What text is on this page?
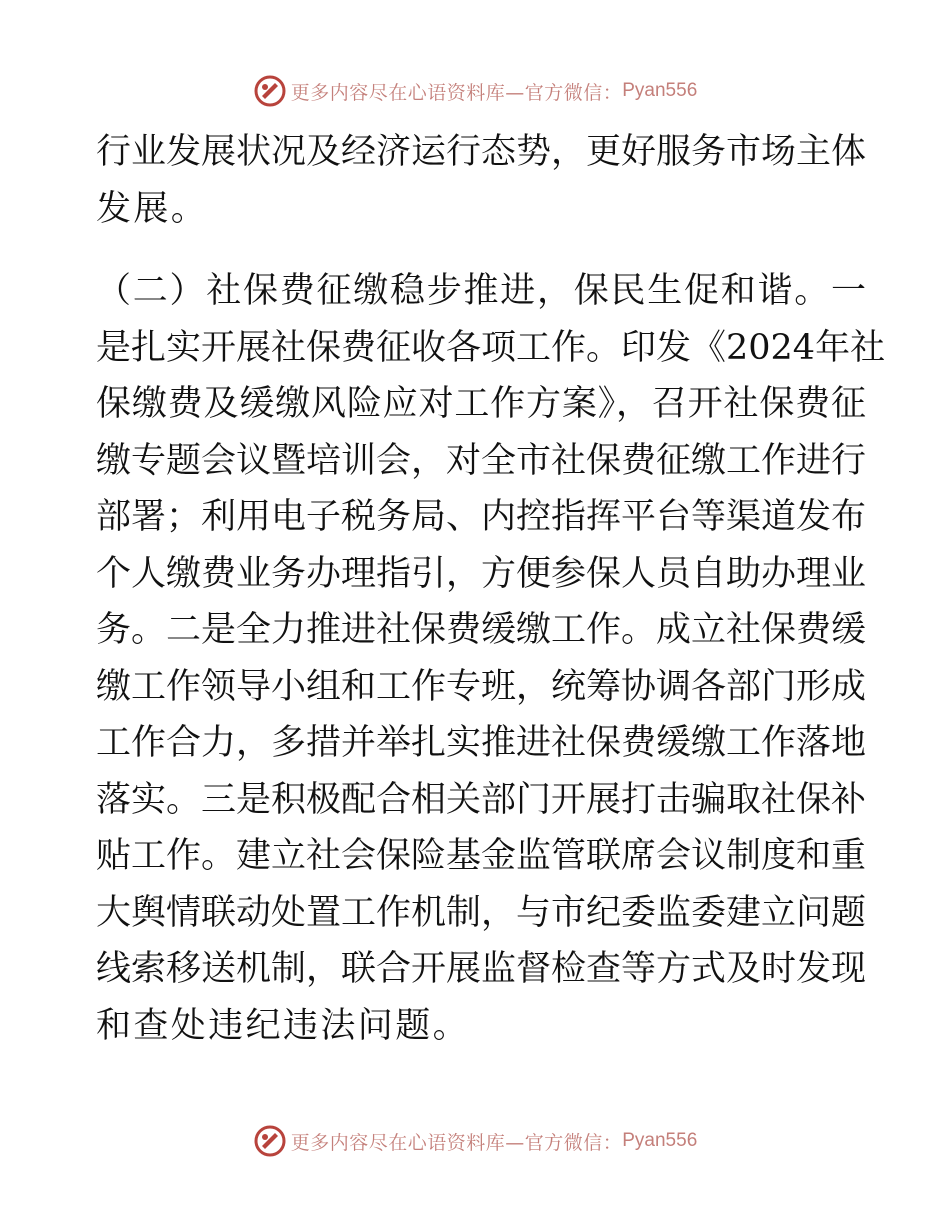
更多内容尽在心语资料库— 官方微信： Pyan556
行业发展状况及经济运行态势，更好服务市场主体
发展。
（二）社保费征缴稳步推进，保民生促和谐。一
是扎实开展社保费征收各项工作。印发《2024年社
保缴费及缓缴风险应对工作方案》，召开社保费征
缴专题会议暨培训会，对全市社保费征缴工作进行
部署；利用电子税务局、内控指挥平台等渠道发布
个人缴费业务办理指引，方便参保人员自助办理业
务。二是全力推进社保费缓缴工作。成立社保费缓
缴工作领导小组和工作专班，统筹协调各部门形成
工作合力，多措并举扎实推进社保费缓缴工作落地
落实。三是积极配合相关部门开展打击骗取社保补
贴工作。建立社会保险基金监管联席会议制度和重
大舆情联动处置工作机制，与市纪委监委建立问题
线索移送机制，联合开展监督检查等方式及时发现
和查处违纪违法问题。
更多内容尽在心语资料库— 官方微信： Pyan556
